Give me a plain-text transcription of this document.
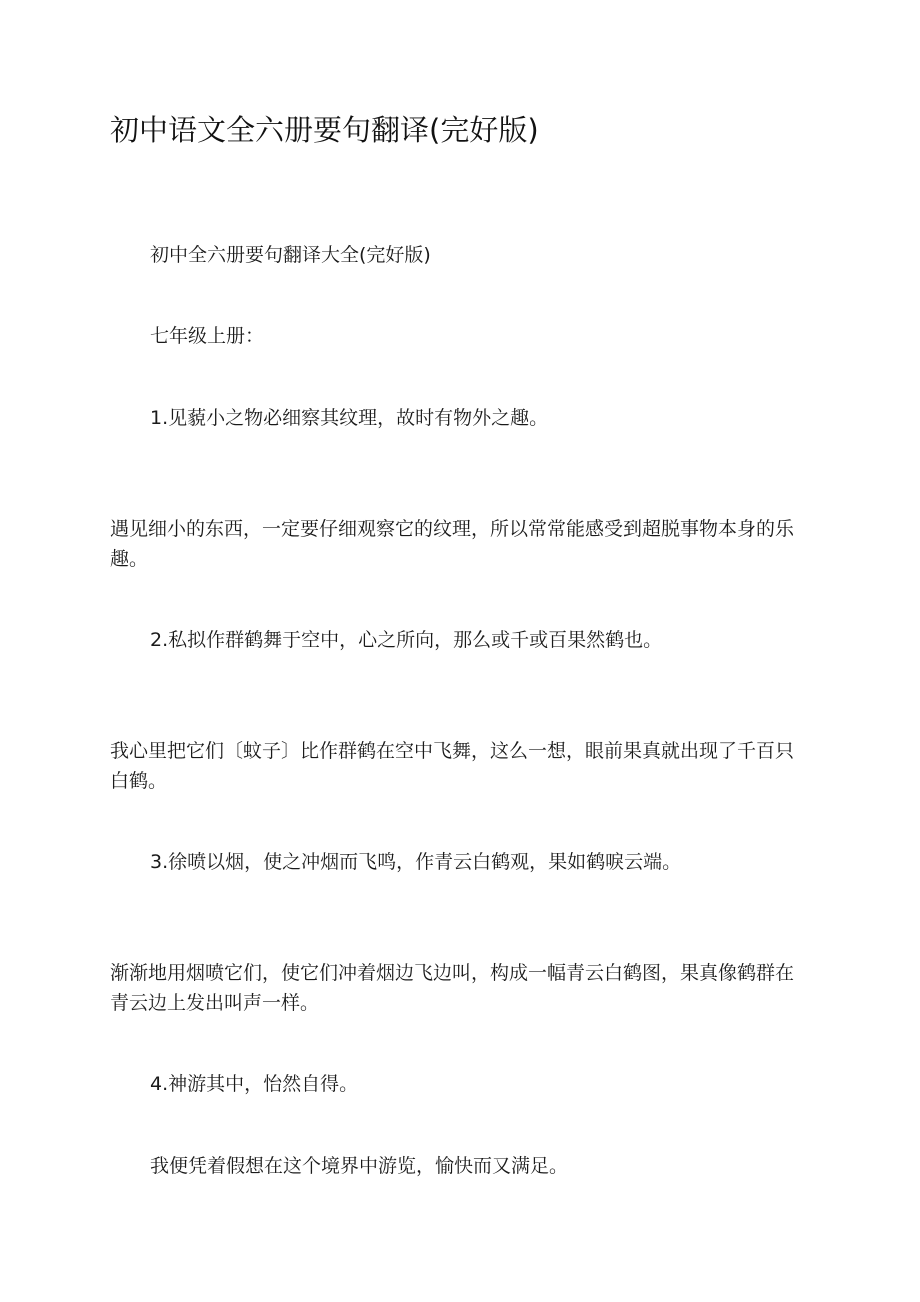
初中语文全六册要句翻译(完好版)

初中全六册要句翻译大全(完好版)

七年级上册：

1.见藐小之物必细察其纹理，故时有物外之趣。

遇见细小的东西，一定要仔细观察它的纹理，所以常常能感受到超脱事物本身的乐趣。

2.私拟作群鹤舞于空中，心之所向，那么或千或百果然鹤也。

我心里把它们〔蚊子〕比作群鹤在空中飞舞，这么一想，眼前果真就出现了千百只白鹤。

3.徐喷以烟，使之冲烟而飞鸣，作青云白鹤观，果如鹤唳云端。

渐渐地用烟喷它们，使它们冲着烟边飞边叫，构成一幅青云白鹤图，果真像鹤群在青云边上发出叫声一样。

4.神游其中，怡然自得。

我便凭着假想在这个境界中游览，愉快而又满足。
